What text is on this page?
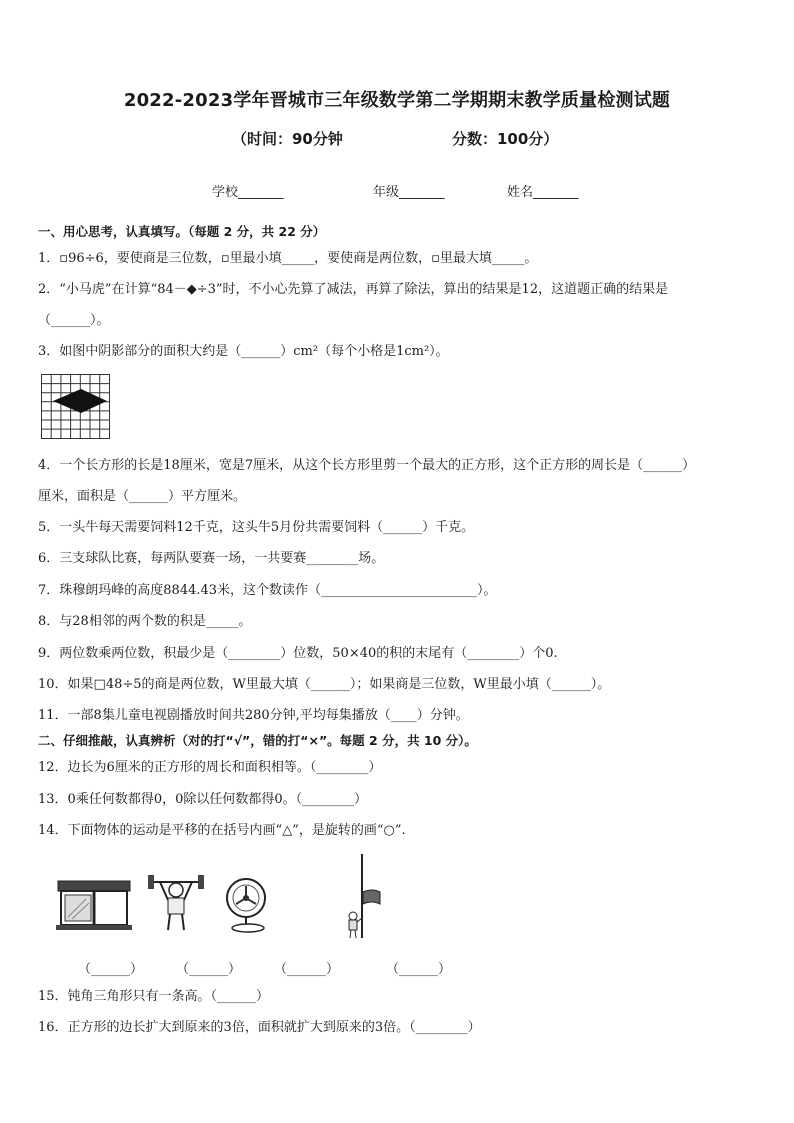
2022-2023学年晋城市三年级数学第二学期期末教学质量检测试题
（时间：90分钟	分数：100分）
学校_______	年级_______	姓名_______
一、用心思考，认真填写。（每题 2 分，共 22 分）
1．▫96÷6，要使商是三位数，▫里最小填_____，要使商是两位数，▫里最大填_____。
2．“小马虎”在计算“84－◆÷3”时，不小心先算了减法，再算了除法，算出的结果是12，这道题正确的结果是
（______）。
3．如图中阴影部分的面积大约是（______）cm²（每个小格是1cm²）。
4．一个长方形的长是18厘米，宽是7厘米，从这个长方形里剪一个最大的正方形，这个正方形的周长是（______）
厘米，面积是（______）平方厘米。
5．一头牛每天需要饲料12千克，这头牛5月份共需要饲料（______）千克。
6．三支球队比赛，每两队要赛一场，一共要赛________场。
7．珠穆朗玛峰的高度8844.43米，这个数读作（________________________）。
8．与28相邻的两个数的积是_____。
9．两位数乘两位数，积最少是（________）位数，50×40的积的末尾有（________）个0.
10．如果□48÷5的商是两位数，W里最大填（______）；如果商是三位数，W里最小填（______）。
11．一部8集儿童电视剧播放时间共280分钟,平均每集播放（____）分钟。
二、仔细推敲，认真辨析（对的打“√”，错的打“×”。每题 2 分，共 10 分）。
12．边长为6厘米的正方形的周长和面积相等。（________）
13．0乘任何数都得0，0除以任何数都得0。（________）
14．下面物体的运动是平移的在括号内画“△”，是旋转的画“○”.
（______）	（______）	（______）	（______）
15．钝角三角形只有一条高。（______）
16．正方形的边长扩大到原来的3倍，面积就扩大到原来的3倍。（________）
